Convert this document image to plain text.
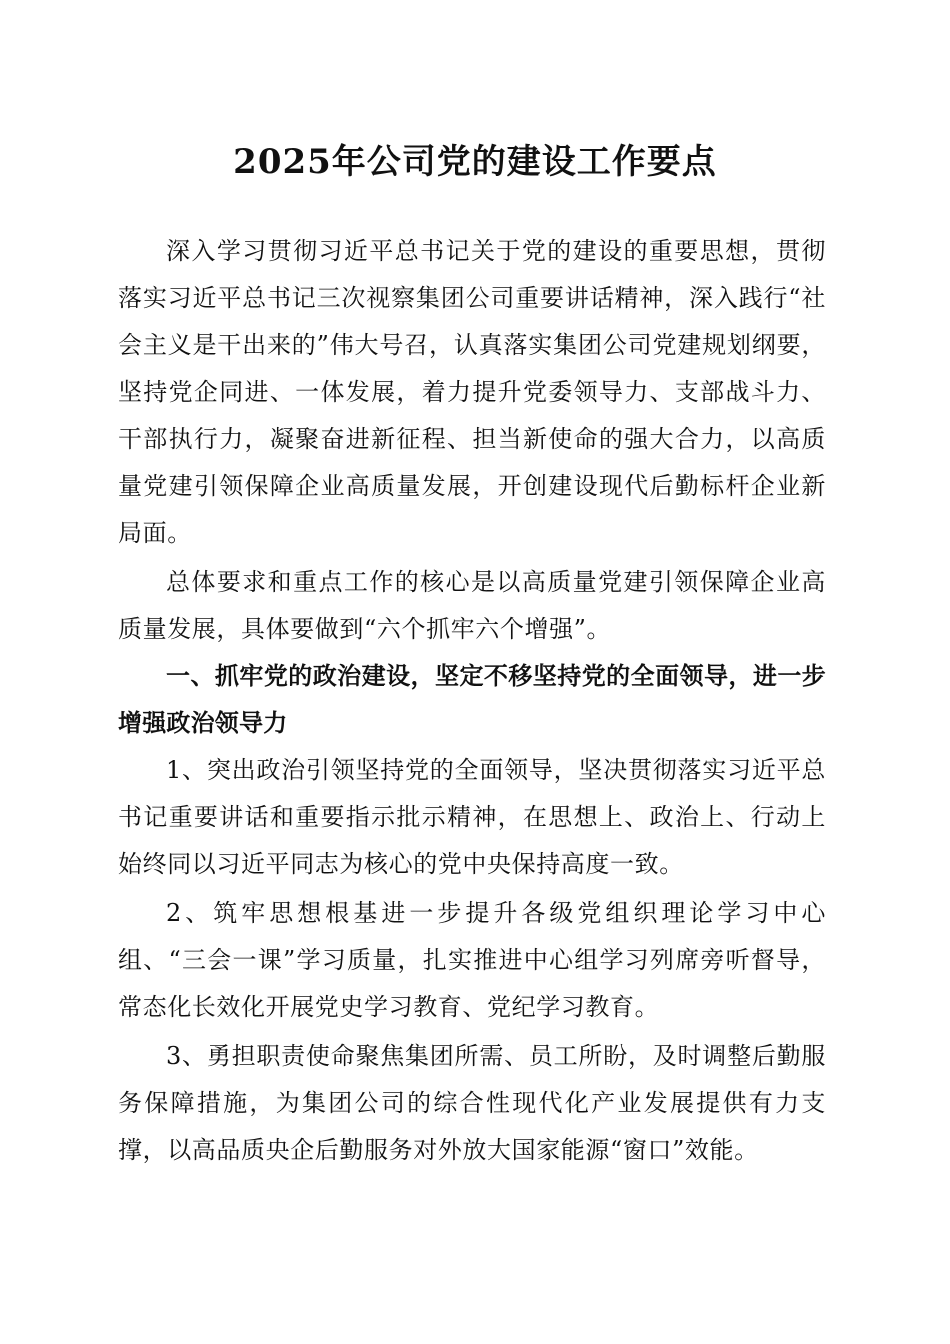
2025年公司党的建设工作要点

深入学习贯彻习近平总书记关于党的建设的重要思想，贯彻落实习近平总书记三次视察集团公司重要讲话精神，深入践行“社会主义是干出来的”伟大号召，认真落实集团公司党建规划纲要，坚持党企同进、一体发展，着力提升党委领导力、支部战斗力、干部执行力，凝聚奋进新征程、担当新使命的强大合力，以高质量党建引领保障企业高质量发展，开创建设现代后勤标杆企业新局面。

总体要求和重点工作的核心是以高质量党建引领保障企业高质量发展，具体要做到“六个抓牢六个增强”。

一、抓牢党的政治建设，坚定不移坚持党的全面领导，进一步增强政治领导力

1、突出政治引领坚持党的全面领导，坚决贯彻落实习近平总书记重要讲话和重要指示批示精神，在思想上、政治上、行动上始终同以习近平同志为核心的党中央保持高度一致。

2、筑牢思想根基进一步提升各级党组织理论学习中心组、“三会一课”学习质量，扎实推进中心组学习列席旁听督导，常态化长效化开展党史学习教育、党纪学习教育。

3、勇担职责使命聚焦集团所需、员工所盼，及时调整后勤服务保障措施，为集团公司的综合性现代化产业发展提供有力支撑，以高品质央企后勤服务对外放大国家能源“窗口”效能。
